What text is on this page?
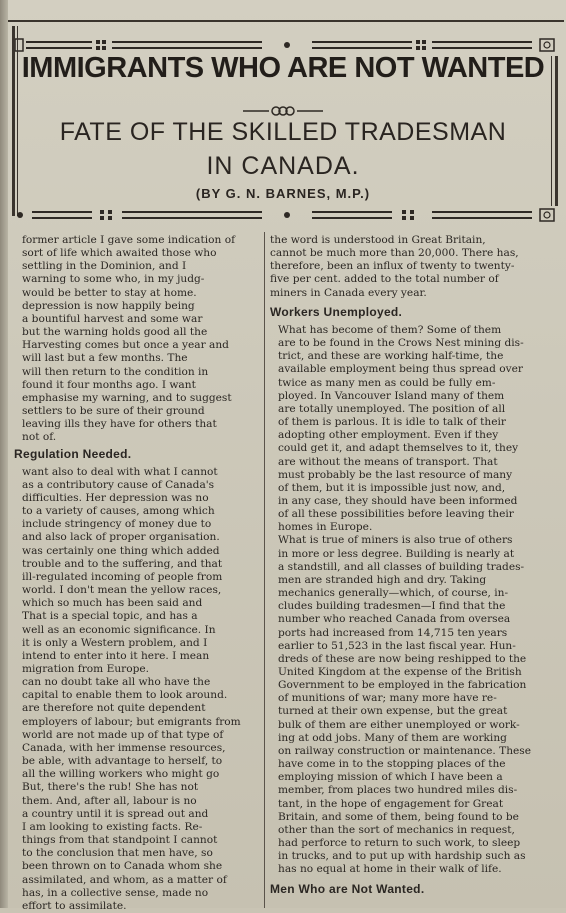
IMMIGRANTS WHO ARE NOT WANTED
FATE OF THE SKILLED TRADESMAN
IN CANADA.
(BY G. N. BARNES, M.P.)

former article I gave some indication of
sort of life which awaited those who
settling in the Dominion, and I
warning to some who, in my judg-
would be better to stay at home.
depression is now happily being
a bountiful harvest and some war
but the warning holds good all the
Harvesting comes but once a year and
will last but a few months. The
will then return to the condition in
found it four months ago. I want
emphasise my warning, and to suggest
settlers to be sure of their ground
leaving ills they have for others that
not of.

Regulation Needed.

want also to deal with what I cannot
as a contributory cause of Canada's
difficulties. Her depression was no
to a variety of causes, among which
include stringency of money due to
and also lack of proper organisation.
was certainly one thing which added
trouble and to the suffering, and that
ill-regulated incoming of people from
world. I don't mean the yellow races,
which so much has been said and
That is a special topic, and has a
well as an economic significance. In
it is only a Western problem, and I
intend to enter into it here. I mean
migration from Europe.
can no doubt take all who have the
capital to enable them to look around.
are therefore not quite dependent
employers of labour; but emigrants from
world are not made up of that type of
Canada, with her immense resources,
be able, with advantage to herself, to
all the willing workers who might go
But, there's the rub! She has not
them. And, after all, labour is no
a country until it is spread out and
I am looking to existing facts. Re-
things from that standpoint I cannot
to the conclusion that men have, so
been thrown on to Canada whom she
assimilated, and whom, as a matter of
has, in a collective sense, made no
effort to assimilate.

the word is understood in Great Britain,
cannot be much more than 20,000. There has,
therefore, been an influx of twenty to twenty-
five per cent. added to the total number of
miners in Canada every year.

Workers Unemployed.

What has become of them? Some of them
are to be found in the Crows Nest mining dis-
trict, and these are working half-time, the
available employment being thus spread over
twice as many men as could be fully em-
ployed. In Vancouver Island many of them
are totally unemployed. The position of all
of them is parlous. It is idle to talk of their
adopting other employment. Even if they
could get it, and adapt themselves to it, they
are without the means of transport. That
must probably be the last resource of many
of them, but it is impossible just now, and,
in any case, they should have been informed
of all these possibilities before leaving their
homes in Europe.

What is true of miners is also true of others
in more or less degree. Building is nearly at
a standstill, and all classes of building trades-
men are stranded high and dry. Taking
mechanics generally—which, of course, in-
cludes building tradesmen—I find that the
number who reached Canada from oversea
ports had increased from 14,715 ten years
earlier to 51,523 in the last fiscal year. Hun-
dreds of these are now being reshipped to the
United Kingdom at the expense of the British
Government to be employed in the fabrication
of munitions of war; many more have re-
turned at their own expense, but the great
bulk of them are either unemployed or work-
ing at odd jobs. Many of them are working
on railway construction or maintenance. These
have come in to the stopping places of the
employing mission of which I have been a
member, from places two hundred miles dis-
tant, in the hope of engagement for Great
Britain, and some of them, being found to be
other than the sort of mechanics in request,
had perforce to return to such work, to sleep
in trucks, and to put up with hardship such as
has no equal at home in their walk of life.

Men Who are Not Wanted.
